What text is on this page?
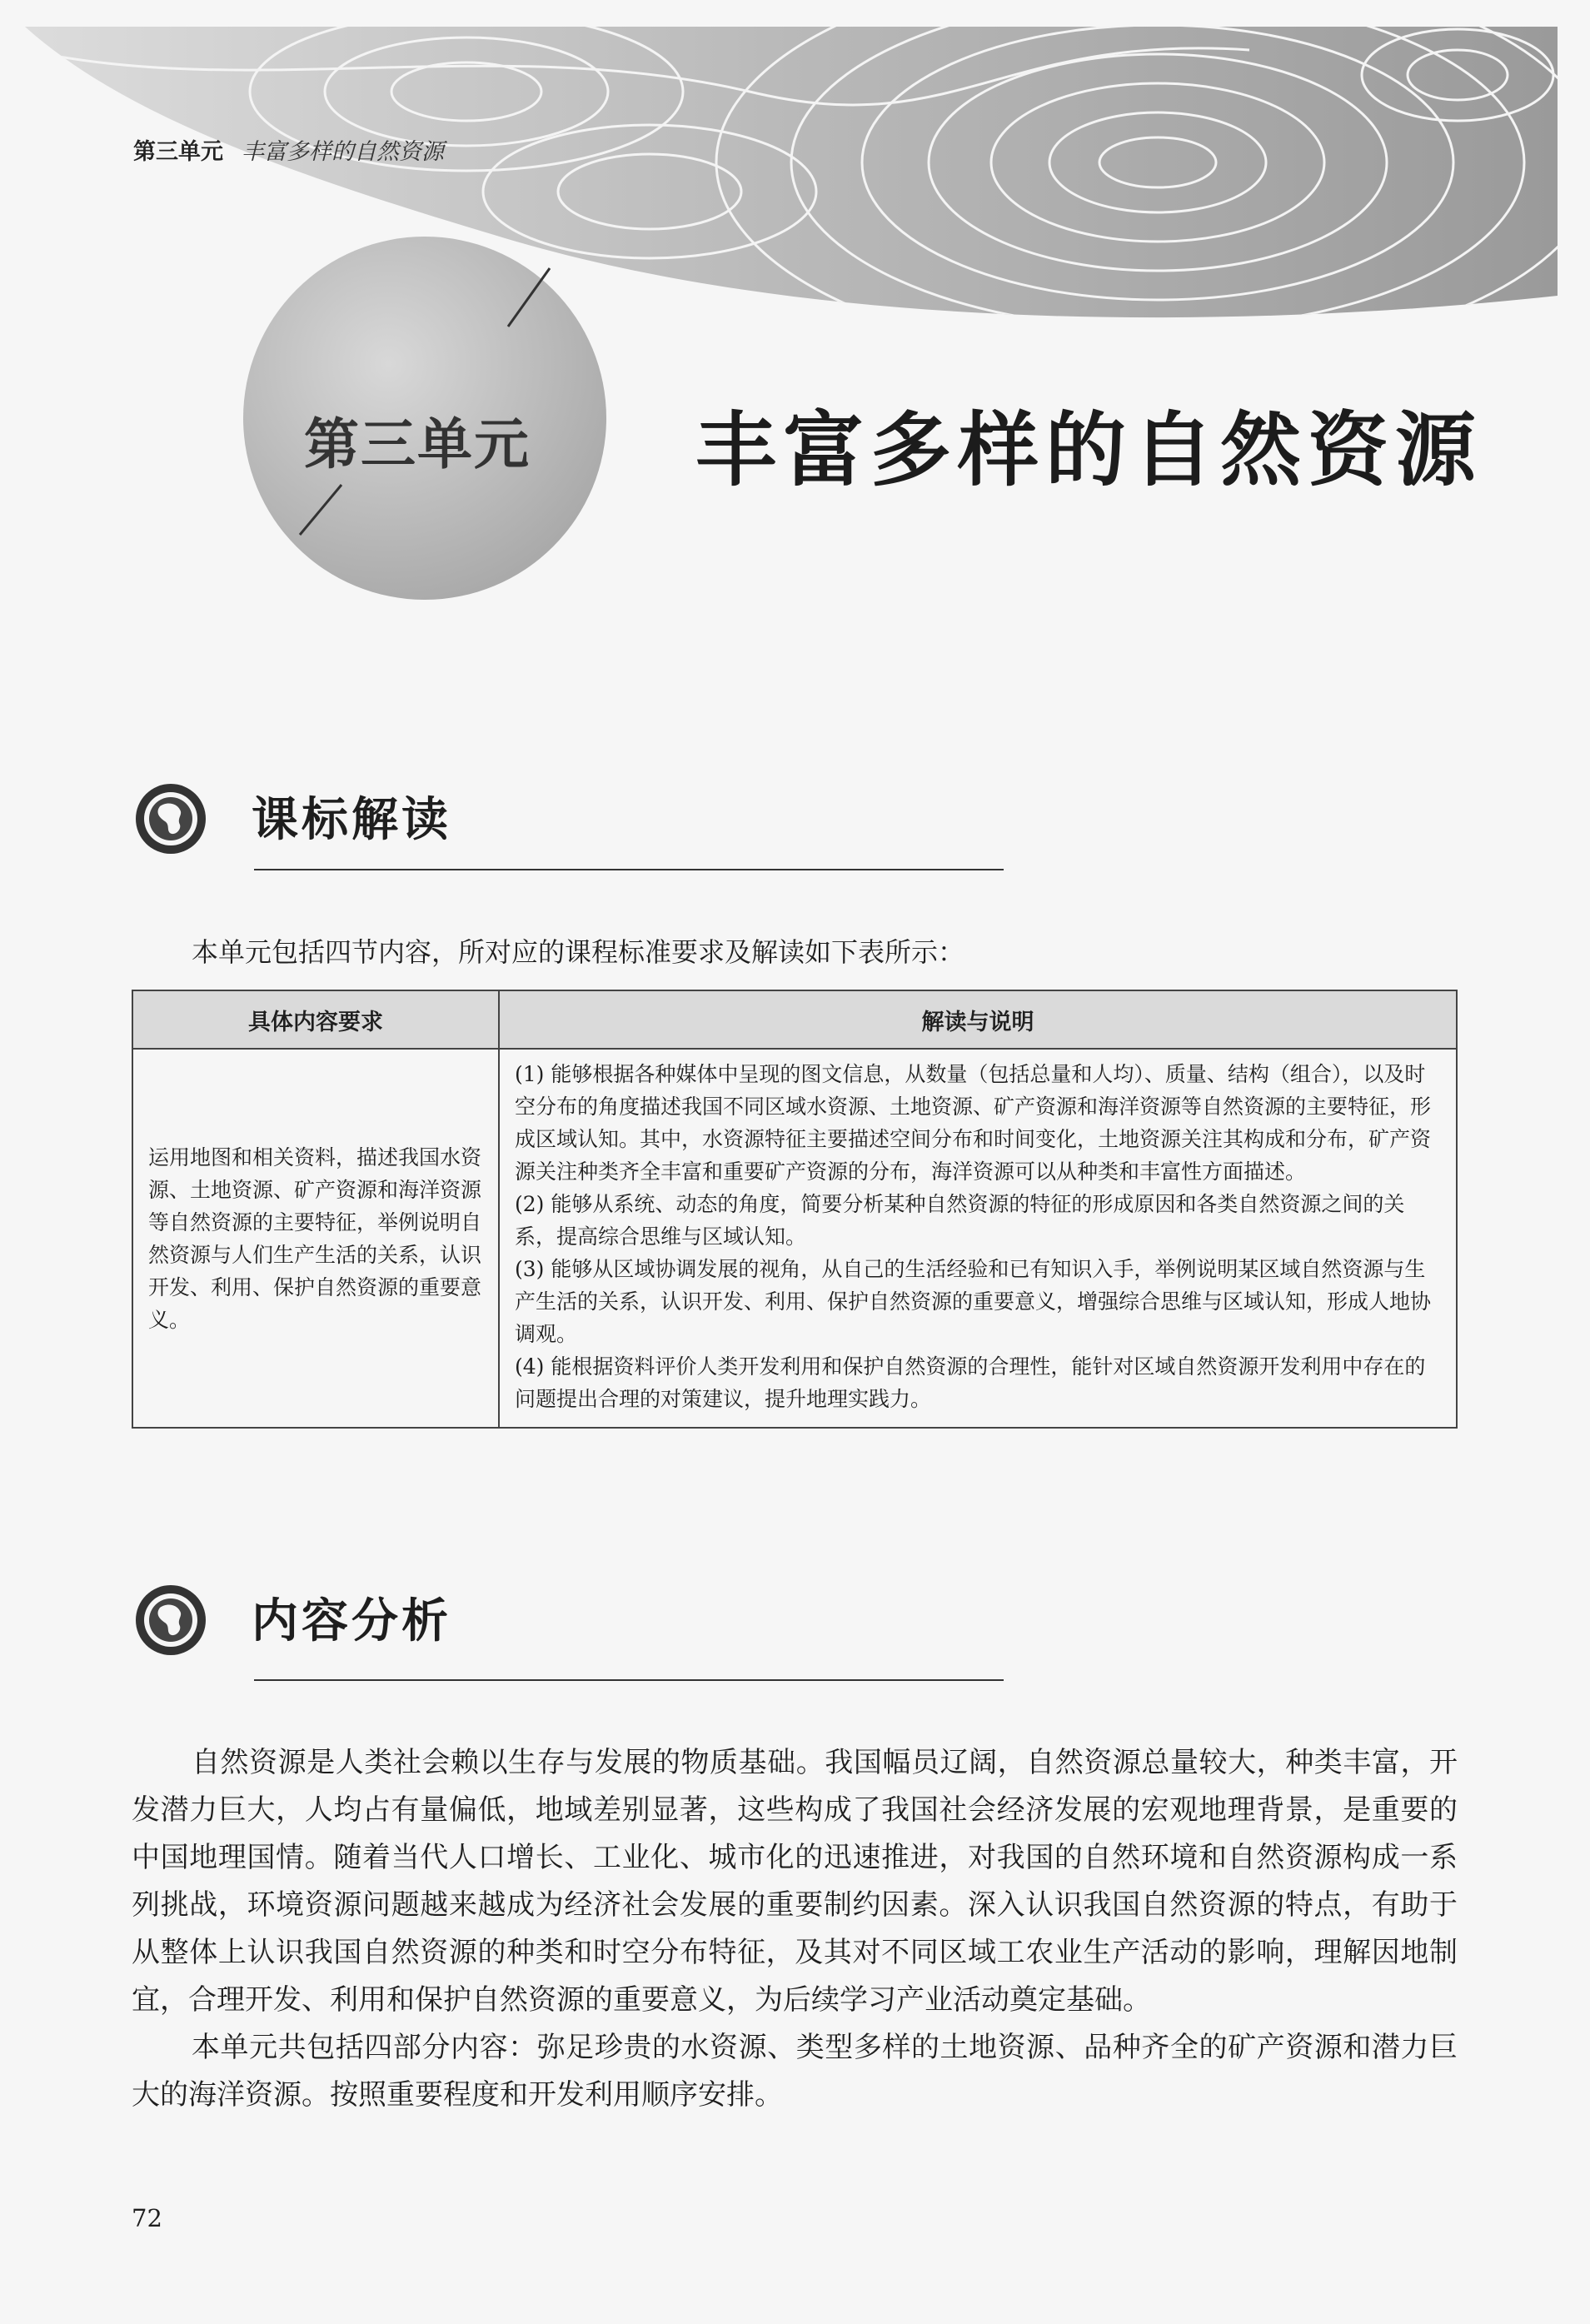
第三单元 丰富多样的自然资源
第三单元 丰富多样的自然资源
课标解读
本单元包括四节内容，所对应的课程标准要求及解读如下表所示：
具体内容要求	解读与说明
运用地图和相关资料，描述我国水资源、土地资源、矿产资源和海洋资源等自然资源的主要特征，举例说明自然资源与人们生产生活的关系，认识开发、利用、保护自然资源的重要意义。	(1) 能够根据各种媒体中呈现的图文信息，从数量（包括总量和人均）、质量、结构（组合），以及时空分布的角度描述我国不同区域水资源、土地资源、矿产资源和海洋资源等自然资源的主要特征，形成区域认知。其中，水资源特征主要描述空间分布和时间变化，土地资源关注其构成和分布，矿产资源关注种类齐全丰富和重要矿产资源的分布，海洋资源可以从种类和丰富性方面描述。

(2) 能够从系统、动态的角度，简要分析某种自然资源的特征的形成原因和各类自然资源之间的关系，提高综合思维与区域认知。

(3) 能够从区域协调发展的视角，从自己的生活经验和已有知识入手，举例说明某区域自然资源与生产生活的关系，认识开发、利用、保护自然资源的重要意义，增强综合思维与区域认知，形成人地协调观。

(4) 能根据资料评价人类开发利用和保护自然资源的合理性，能针对区域自然资源开发利用中存在的问题提出合理的对策建议，提升地理实践力。

内容分析

自然资源是人类社会赖以生存与发展的物质基础。我国幅员辽阔，自然资源总量较大，种类丰富，开发潜力巨大，人均占有量偏低，地域差别显著，这些构成了我国社会经济发展的宏观地理背景，是重要的中国地理国情。随着当代人口增长、工业化、城市化的迅速推进，对我国的自然环境和自然资源构成一系列挑战，环境资源问题越来越成为经济社会发展的重要制约因素。深入认识我国自然资源的特点，有助于从整体上认识我国自然资源的种类和时空分布特征，及其对不同区域工农业生产活动的影响，理解因地制宜，合理开发、利用和保护自然资源的重要意义，为后续学习产业活动奠定基础。

本单元共包括四部分内容：弥足珍贵的水资源、类型多样的土地资源、品种齐全的矿产资源和潜力巨大的海洋资源。按照重要程度和开发利用顺序安排。

72
